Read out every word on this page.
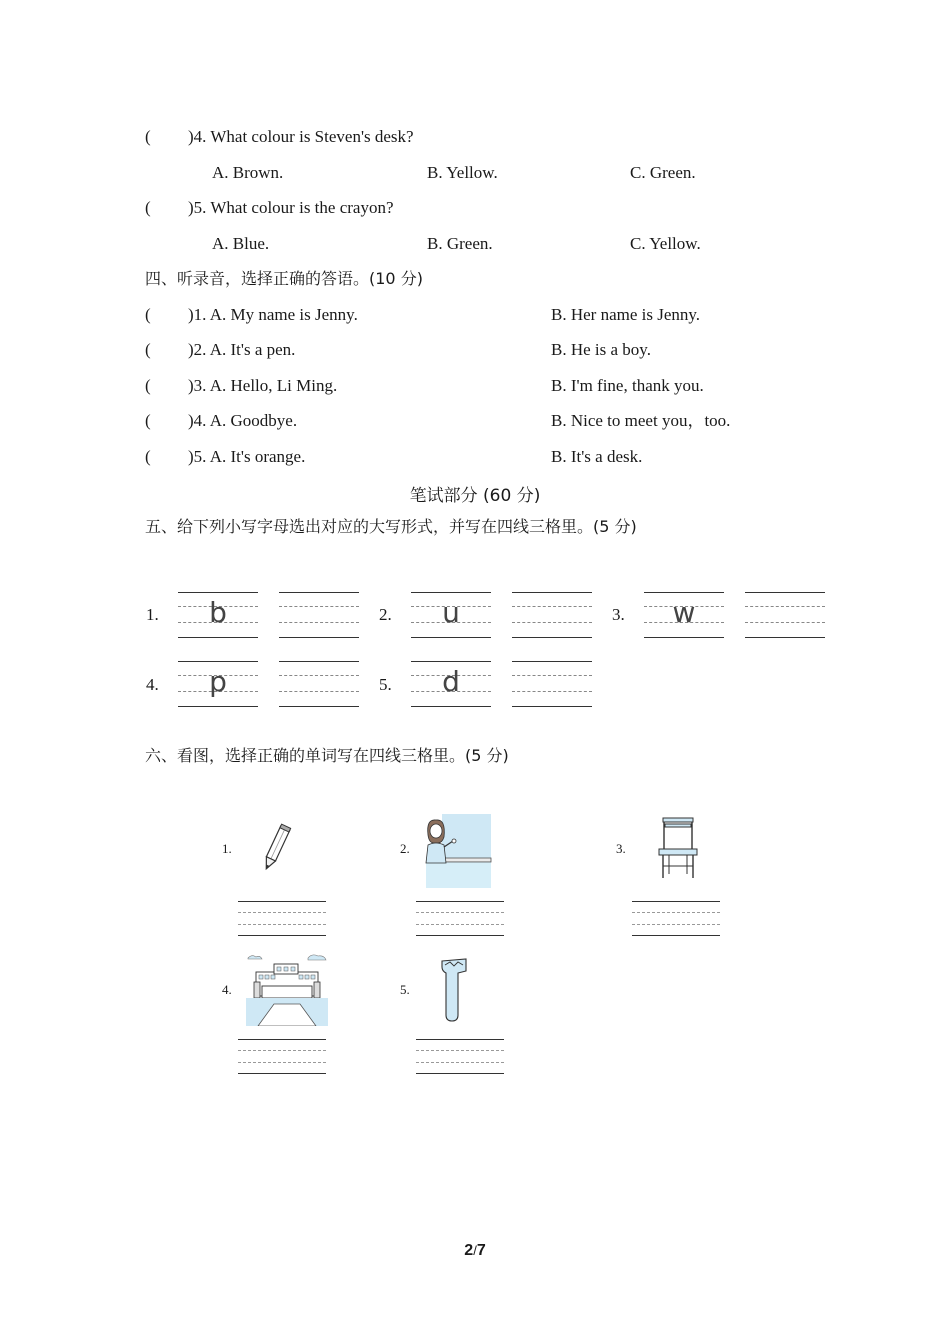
( )4. What colour is Steven's desk?
A. Brown.	B. Yellow.	C. Green.
( )5. What colour is the crayon?
A. Blue.	B. Green.	C. Yellow.
四、听录音，选择正确的答语。(10 分)
( )1. A. My name is Jenny.	B. Her name is Jenny.
( )2. A. It's a pen.	B. He is a boy.
( )3. A. Hello, Li Ming.	B. I'm fine, thank you.
( )4. A. Goodbye.	B. Nice to meet you，too.
( )5. A. It's orange.	B. It's a desk.
笔试部分 (60 分)
五、给下列小写字母选出对应的大写形式，并写在四线三格里。(5 分)
1.	b	2.	u	3.	w
4.	p	5.	d
六、看图，选择正确的单词写在四线三格里。(5 分)
1.	2.	3.
4.	5.
2/7
